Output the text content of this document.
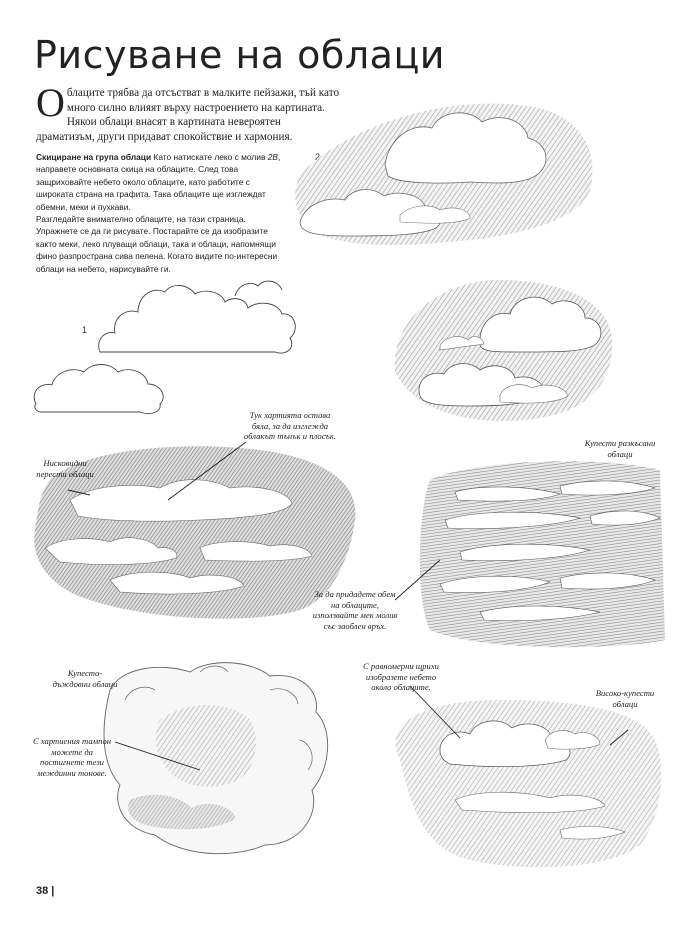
Рисуване на облаци
Облаците трябва да отсъстват в малките пейзажи, тъй като много силно влияят върху настроението на картината. Някои облаци внасят в картината невероятен драматизъм, други придават спокойствие и хармония.
Скициране на група облаци Като натискате леко с молив 2B, направете основната скица на облаците. След това защриховайте небето около облаците, като работите с широката страна на графита. Така облаците ще изглеждат обемни, меки и пухкави.
Разгледайте внимателно облаците, на тази страница. Упражнете се да ги рисувате. Постарайте се да изобразите както меки, леко плуващи облаци, така и облаци, напомнящи фино разпространа сива пелена. Когато видите по-интересни облаци на небето, нарисувайте ги.
2
1
Тук хартията остава бяла, за да изглежда облакът тънък и плосък.
Нисковидни перести облаци
Купести разкъсани облаци
За да придадете обем на облаците, използвайте мек молив със заоблен връх.
Купесто-дъждовни облаци
С хартиения тампон можете да постигнете тези междинни тонове.
С равномерни щрихи изобразете небето около облаците.
Високо-купести облаци
38 |
